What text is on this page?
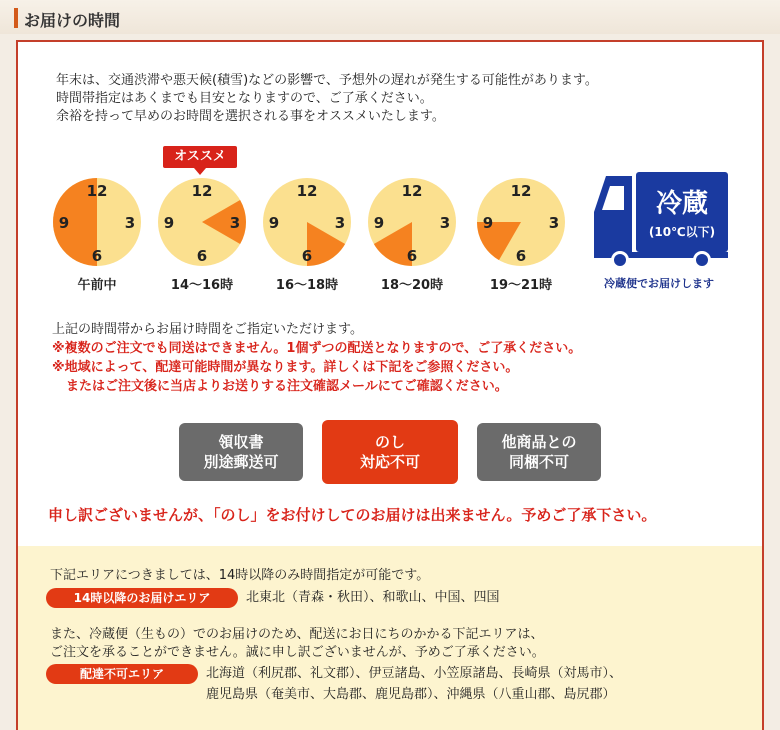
お届けの時間
年末は、交通渋滞や悪天候(積雪)などの影響で、予想外の遅れが発生する可能性があります。
時間帯指定はあくまでも目安となりますので、ご了承ください。
余裕を持って早めのお時間を選択される事をオススメいたします。
オススメ
12
3
6
9
12
3
6
9
12
3
6
9
12
3
6
9
12
3
6
9
午前中	14〜16時	16〜18時	18〜20時	19〜21時
冷蔵
(10℃以下)
冷蔵便でお届けします
上記の時間帯からお届け時間をご指定いただけます。
※複数のご注文でも同送はできません。1個ずつの配送となりますので、ご了承ください。
※地域によって、配達可能時間が異なります。詳しくは下記をご参照ください。
またはご注文後に当店よりお送りする注文確認メールにてご確認ください。
領収書
別途郵送可
のし
対応不可
他商品との
同梱不可
申し訳ございませんが、「のし」をお付けしてのお届けは出来ません。予めご了承下さい。
下記エリアにつきましては、14時以降のみ時間指定が可能です。
14時以降のお届けエリア	北東北（青森・秋田）、和歌山、中国、四国
また、冷蔵便（生もの）でのお届けのため、配送にお日にちのかかる下記エリアは、
ご注文を承ることができません。誠に申し訳ございませんが、予めご了承ください。
配達不可エリア	北海道（利尻郡、礼文郡）、伊豆諸島、小笠原諸島、長崎県（対馬市）、
鹿児島県（奄美市、大島郡、鹿児島郡）、沖縄県（八重山郡、島尻郡）
